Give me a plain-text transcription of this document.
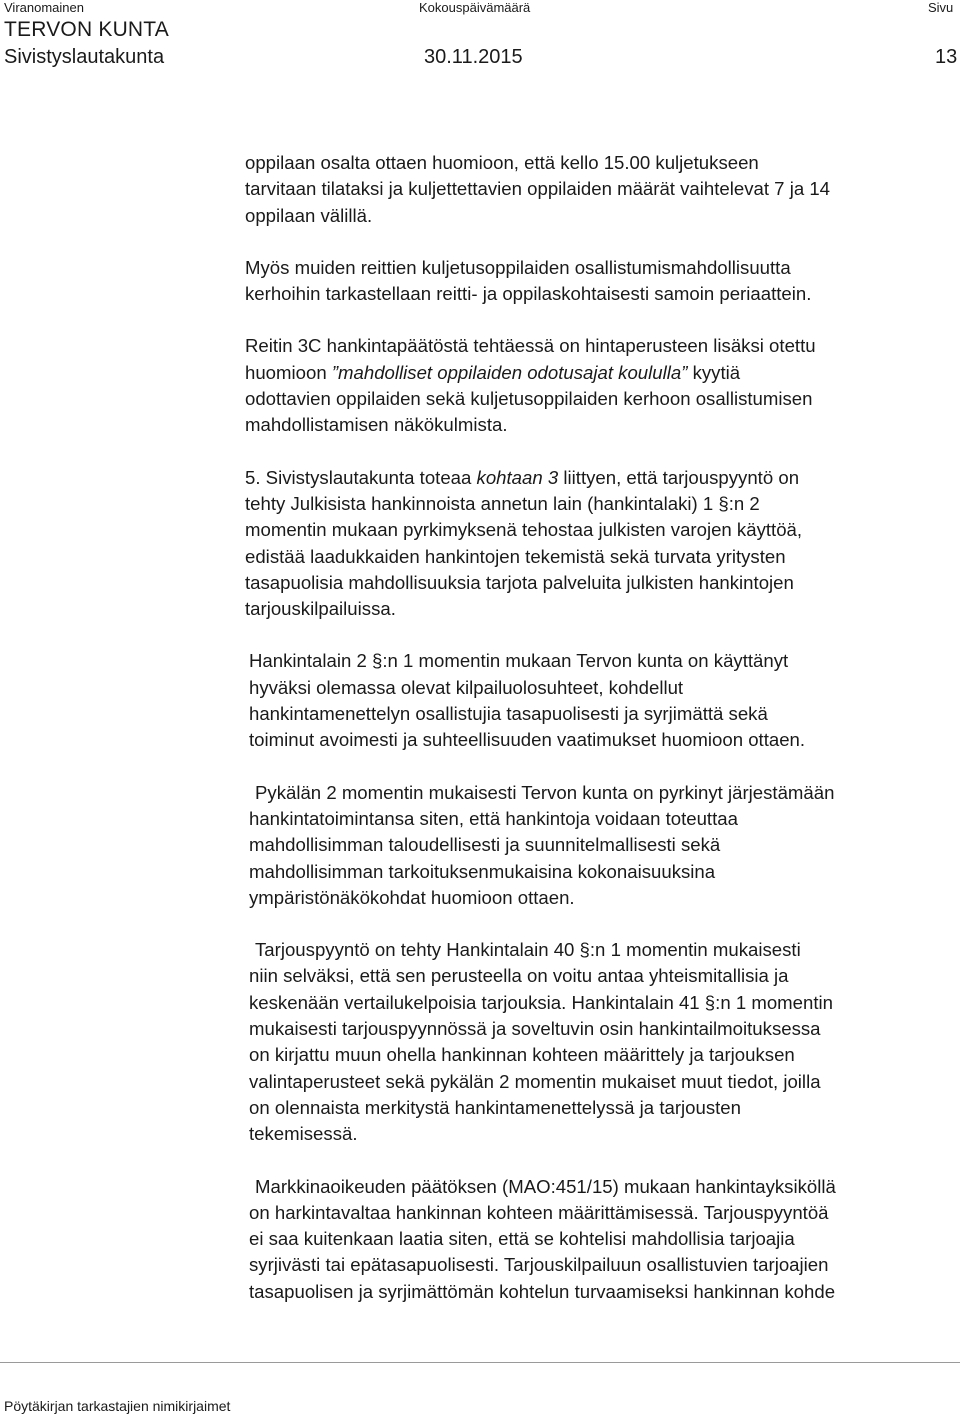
Viranomainen	Kokouspäivämäärä	Sivu
TERVON KUNTA
Sivistyslautakunta	30.11.2015	13

oppilaan osalta ottaen huomioon, että kello 15.00 kuljetukseen
tarvitaan tilataksi ja kuljettettavien oppilaiden määrät vaihtelevat 7 ja 14
oppilaan välillä.

Myös muiden reittien kuljetusoppilaiden osallistumismahdollisuutta
kerhoihin tarkastellaan reitti- ja oppilaskohtaisesti samoin periaattein.

Reitin 3C hankintapäätöstä tehtäessä on hintaperusteen lisäksi otettu
huomioon ”mahdolliset oppilaiden odotusajat koululla” kyytiä
odottavien oppilaiden sekä kuljetusoppilaiden kerhoon osallistumisen
mahdollistamisen näkökulmista.

5. Sivistyslautakunta toteaa kohtaan 3 liittyen, että tarjouspyyntö on
tehty Julkisista hankinnoista annetun lain (hankintalaki) 1 §:n 2
momentin mukaan pyrkimyksenä tehostaa julkisten varojen käyttöä,
edistää laadukkaiden hankintojen tekemistä sekä turvata yritysten
tasapuolisia mahdollisuuksia tarjota palveluita julkisten hankintojen
tarjouskilpailuissa.

Hankintalain 2 §:n 1 momentin mukaan Tervon kunta on käyttänyt
hyväksi olemassa olevat kilpailuolosuhteet, kohdellut
hankintamenettelyn osallistujia tasapuolisesti ja syrjimättä sekä
toiminut avoimesti ja suhteellisuuden vaatimukset huomioon ottaen.

Pykälän 2 momentin mukaisesti Tervon kunta on pyrkinyt järjestämään
hankintatoimintansa siten, että hankintoja voidaan toteuttaa
mahdollisimman taloudellisesti ja suunnitelmallisesti sekä
mahdollisimman tarkoituksenmukaisina kokonaisuuksina
ympäristönäkökohdat huomioon ottaen.

Tarjouspyyntö on tehty Hankintalain 40 §:n 1 momentin mukaisesti
niin selväksi, että sen perusteella on voitu antaa yhteismitallisia ja
keskenään vertailukelpoisia tarjouksia. Hankintalain 41 §:n 1 momentin
mukaisesti tarjouspyynnössä ja soveltuvin osin hankintailmoituksessa
on kirjattu muun ohella hankinnan kohteen määrittely ja tarjouksen
valintaperusteet sekä pykälän 2 momentin mukaiset muut tiedot, joilla
on olennaista merkitystä hankintamenettelyssä ja tarjousten
tekemisessä.

Markkinaoikeuden päätöksen (MAO:451/15) mukaan hankintayksiköllä
on harkintavaltaa hankinnan kohteen määrittämisessä. Tarjouspyyntöä
ei saa kuitenkaan laatia siten, että se kohtelisi mahdollisia tarjoajia
syrjivästi tai epätasapuolisesti. Tarjouskilpailuun osallistuvien tarjoajien
tasapuolisen ja syrjimättömän kohtelun turvaamiseksi hankinnan kohde

Pöytäkirjan tarkastajien nimikirjaimet
